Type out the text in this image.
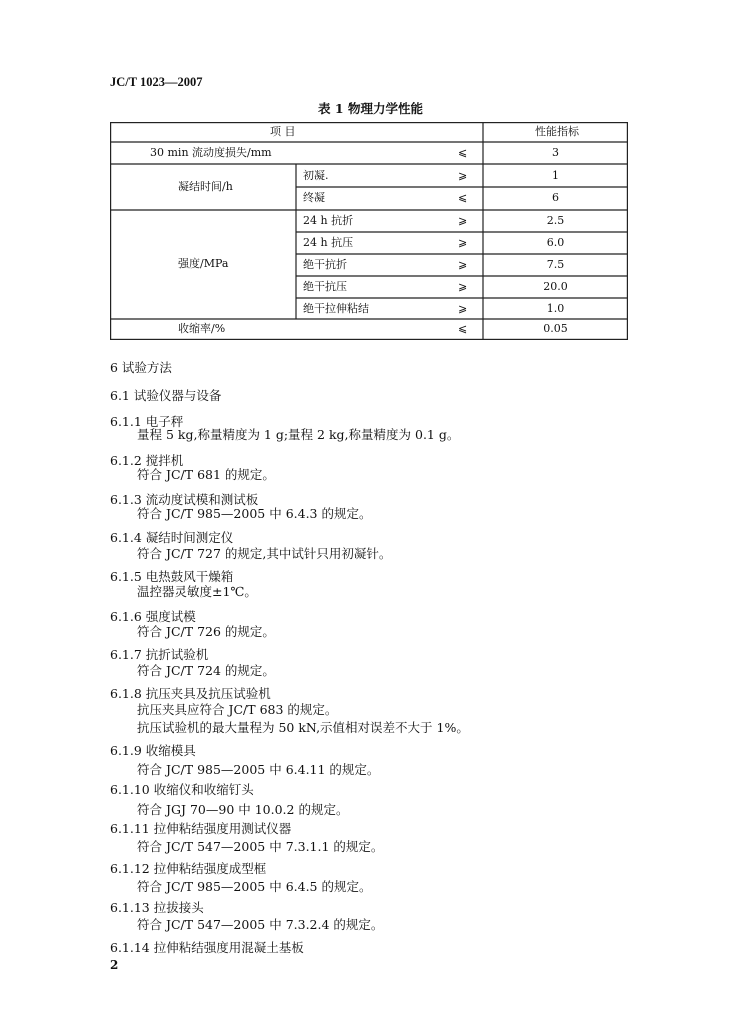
JC/T 1023—2007
表 1 物理力学性能
项 目	性能指标
30 min 流动度损失/mm	⩽	3
凝结时间/h
初凝.	⩾	1
终凝	⩽	6
强度/MPa
24 h 抗折	⩾	2.5
24 h 抗压	⩾	6.0
绝干抗折	⩾	7.5
绝干抗压	⩾	20.0
绝干拉伸粘结	⩾	1.0
收缩率/%	⩽	0.05
6 试验方法
6.1 试验仪器与设备
6.1.1 电子秤
量程 5 kg,称量精度为 1 g;量程 2 kg,称量精度为 0.1 g。
6.1.2 搅拌机
符合 JC/T 681 的规定。
6.1.3 流动度试模和测试板
符合 JC/T 985—2005 中 6.4.3 的规定。
6.1.4 凝结时间测定仪
符合 JC/T 727 的规定,其中试针只用初凝针。
6.1.5 电热鼓风干燥箱
温控器灵敏度±1℃。
6.1.6 强度试模
符合 JC/T 726 的规定。
6.1.7 抗折试验机
符合 JC/T 724 的规定。
6.1.8 抗压夹具及抗压试验机
抗压夹具应符合 JC/T 683 的规定。
抗压试验机的最大量程为 50 kN,示值相对误差不大于 1%。
6.1.9 收缩模具
符合 JC/T 985—2005 中 6.4.11 的规定。
6.1.10 收缩仪和收缩钉头
符合 JGJ 70—90 中 10.0.2 的规定。
6.1.11 拉伸粘结强度用测试仪器
符合 JC/T 547—2005 中 7.3.1.1 的规定。
6.1.12 拉伸粘结强度成型框
符合 JC/T 985—2005 中 6.4.5 的规定。
6.1.13 拉拔接头
符合 JC/T 547—2005 中 7.3.2.4 的规定。
6.1.14 拉伸粘结强度用混凝土基板
2
